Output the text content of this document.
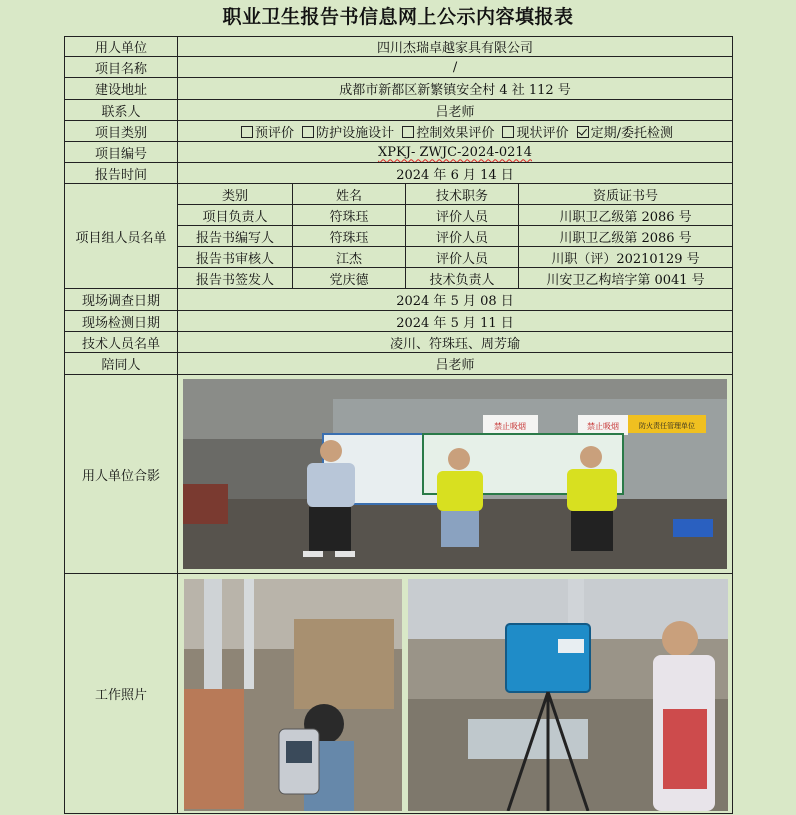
职业卫生报告书信息网上公示内容填报表
用人单位	四川杰瑞卓越家具有限公司			
项目名称	/			
建设地址	成都市新都区新繁镇安全村 4 社 112 号			
联系人	吕老师			
项目类别	预评价 防护设施设计 控制效果评价 现状评价 定期/委托检测			
项目编号	XPKJ- ZWJC-2024-0214			
报告时间	2024 年 6 月 14 日			
项目组人员名单	类别	姓名	技术职务	资质证书号
	项目负责人	符珠珏	评价人员	川职卫乙级第 2086 号
	报告书编写人	符珠珏	评价人员	川职卫乙级第 2086 号
	报告书审核人	江杰	评价人员	川职（评）20210129 号
	报告书签发人	党庆德	技术负责人	川安卫乙构培字第 0041 号
现场调查日期	2024 年 5 月 08 日			
现场检测日期	2024 年 5 月 11 日			
技术人员名单	凌川、符珠珏、周芳瑜			
陪同人	吕老师			
用人单位合影	禁止吸烟 禁止吸烟 防火责任管理单位			

工作照片	
